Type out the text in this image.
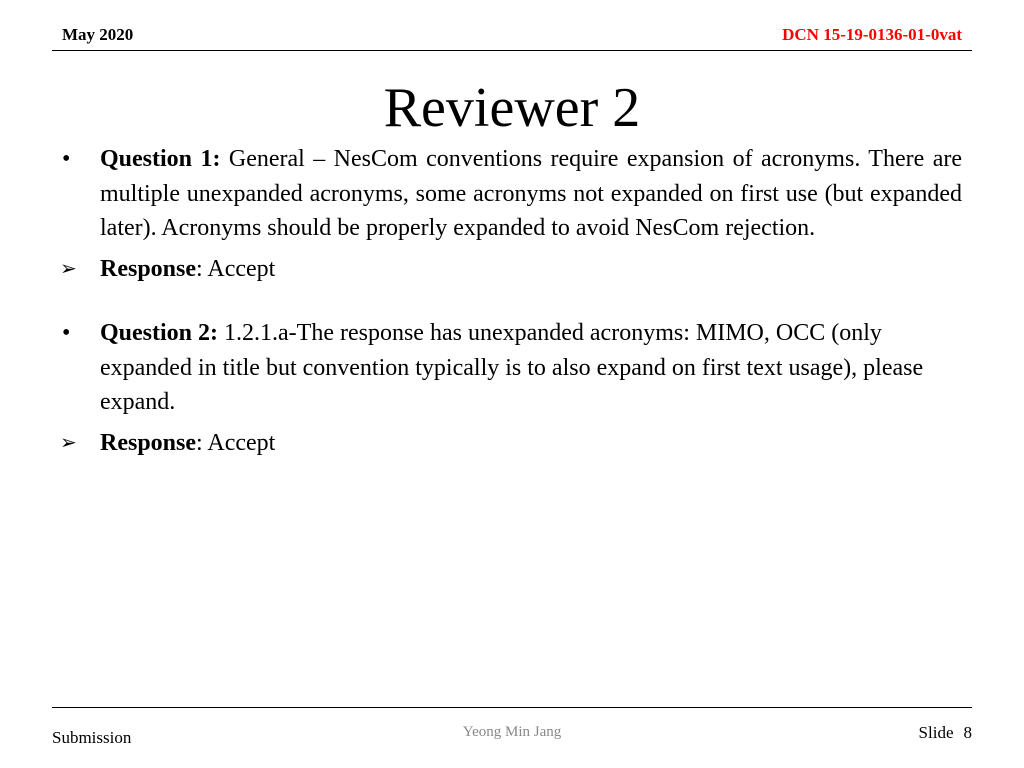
May 2020	DCN 15-19-0136-01-0vat
Reviewer 2
•	Question 1: General – NesCom conventions require expansion of acronyms. There are multiple unexpanded acronyms, some acronyms not expanded on first use (but expanded later). Acronyms should be properly expanded to avoid NesCom rejection.
➢ Response: Accept
•	Question 2: 1.2.1.a-The response has unexpanded acronyms: MIMO, OCC (only expanded in title but convention typically is to also expand on first text usage), please expand.
➢ Response: Accept
Submission	Yeong Min Jang	Slide 8
